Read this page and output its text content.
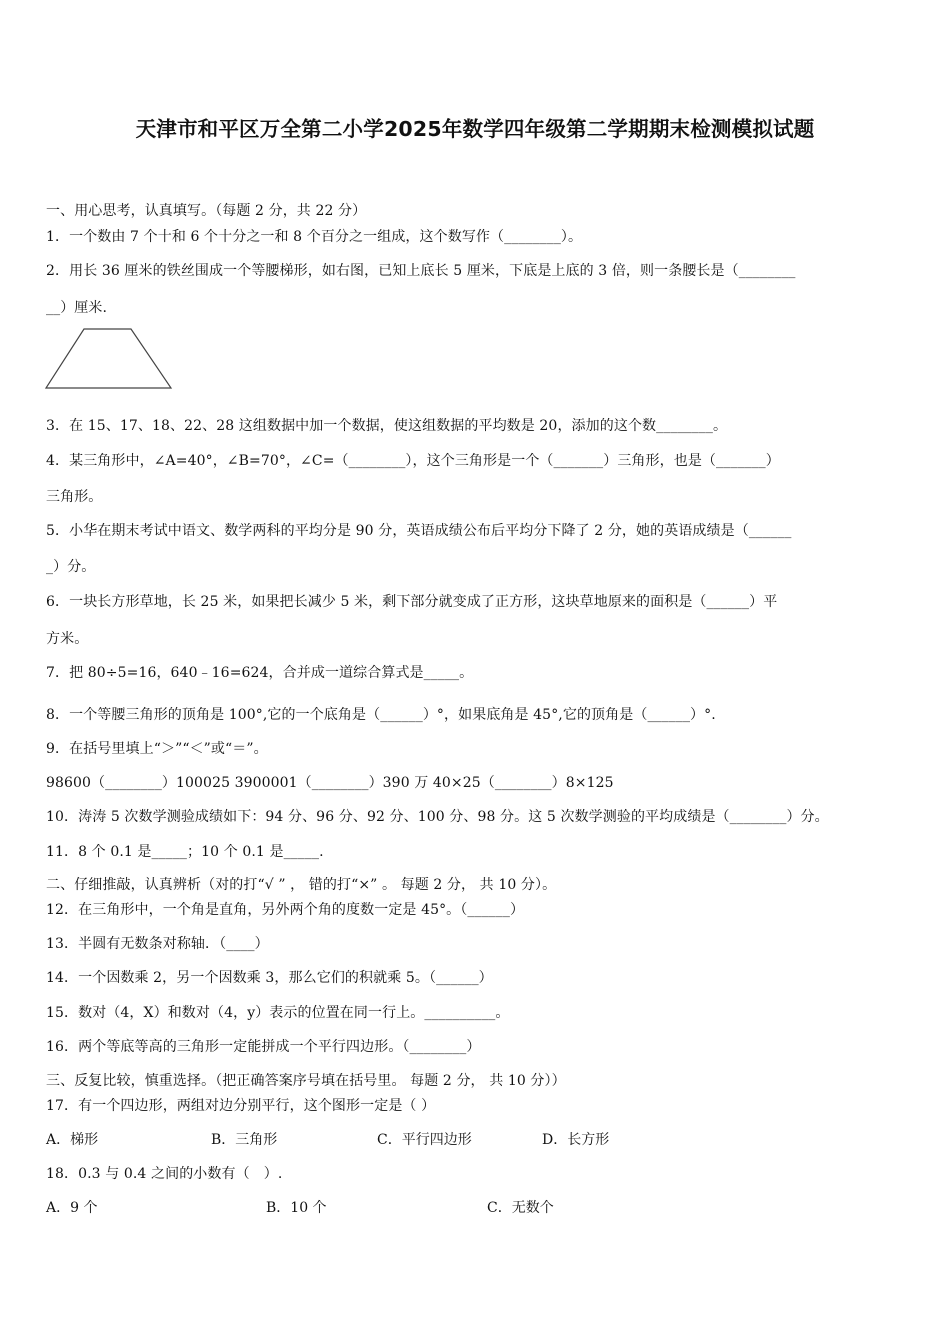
天津市和平区万全第二小学2025年数学四年级第二学期期末检测模拟试题
一、用心思考，认真填写。（每题 2 分，共 22 分）
1．一个数由 7 个十和 6 个十分之一和 8 个百分之一组成，这个数写作（________）。
2．用长 36 厘米的铁丝围成一个等腰梯形，如右图，已知上底长 5 厘米，下底是上底的 3 倍，则一条腰长是（________
__）厘米.
3．在 15、17、18、22、28 这组数据中加一个数据，使这组数据的平均数是 20，添加的这个数________。
4．某三角形中，∠A=40°，∠B=70°，∠C=（________），这个三角形是一个（_______）三角形，也是（_______）
三角形。
5．小华在期末考试中语文、数学两科的平均分是 90 分，英语成绩公布后平均分下降了 2 分，她的英语成绩是（______
_）分。
6．一块长方形草地，长 25 米，如果把长减少 5 米，剩下部分就变成了正方形，这块草地原来的面积是（______）平
方米。
7．把 80÷5=16，640﹣16=624，合并成一道综合算式是_____。
8．一个等腰三角形的顶角是 100°,它的一个底角是（______）°，如果底角是 45°,它的顶角是（______）°.
9．在括号里填上“＞”“＜”或“＝”。
98600（________）100025 3900001（________）390 万 40×25（________）8×125
10．涛涛 5 次数学测验成绩如下：94 分、96 分、92 分、100 分、98 分。这 5 次数学测验的平均成绩是（________）分。
11．8 个 0.1 是_____；10 个 0.1 是_____.
二、仔细推敲，认真辨析（对的打“√ ” ， 错的打“×” 。 每题 2 分， 共 10 分）。
12．在三角形中，一个角是直角，另外两个角的度数一定是 45°。（______）
13．半圆有无数条对称轴．（____）
14．一个因数乘 2，另一个因数乘 3，那么它们的积就乘 5。（______）
15．数对（4，X）和数对（4，y）表示的位置在同一行上。__________。
16．两个等底等高的三角形一定能拼成一个平行四边形。（________）
三、反复比较，慎重选择。（把正确答案序号填在括号里。 每题 2 分， 共 10 分））
17．有一个四边形，两组对边分别平行，这个图形一定是（ ）
A．梯形	B．三角形	C．平行四边形	D．长方形
18．0.3 与 0.4 之间的小数有（　）.
A．9 个	B．10 个	C．无数个
